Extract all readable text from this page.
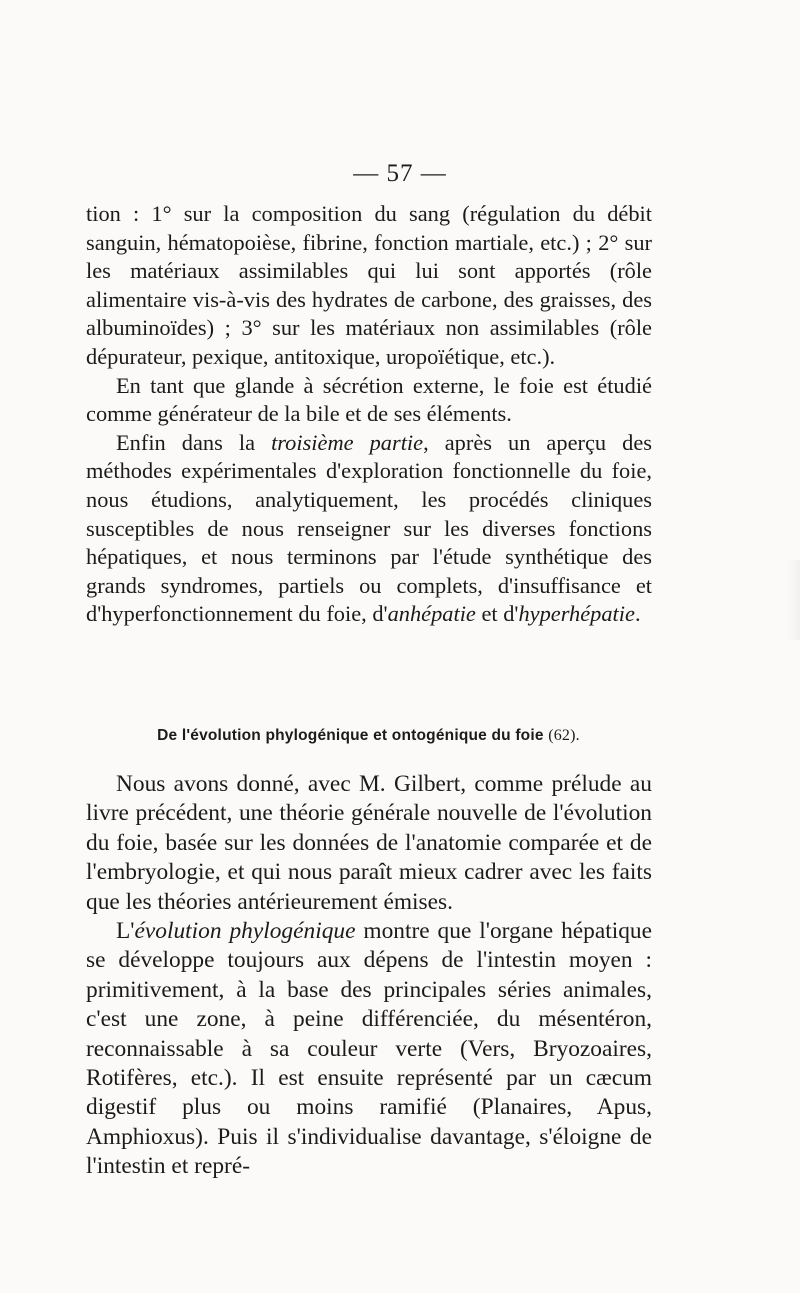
— 57 —

tion : 1° sur la composition du sang (régulation du débit sanguin, hématopoièse, fibrine, fonction martiale, etc.) ; 2° sur les matériaux assimilables qui lui sont apportés (rôle alimentaire vis-à-vis des hydrates de carbone, des graisses, des albuminoïdes) ; 3° sur les matériaux non assimilables (rôle dépurateur, pexique, antitoxique, uropoïétique, etc.).

En tant que glande à sécrétion externe, le foie est étudié comme générateur de la bile et de ses éléments.

Enfin dans la troisième partie, après un aperçu des méthodes expérimentales d'exploration fonctionnelle du foie, nous étudions, analytiquement, les procédés cliniques susceptibles de nous renseigner sur les diverses fonctions hépatiques, et nous terminons par l'étude synthétique des grands syndromes, partiels ou complets, d'insuffisance et d'hyperfonctionnement du foie, d'anhépatie et d'hyperhépatie.

De l'évolution phylogénique et ontogénique du foie (62).

Nous avons donné, avec M. Gilbert, comme prélude au livre précédent, une théorie générale nouvelle de l'évolution du foie, basée sur les données de l'anatomie comparée et de l'embryologie, et qui nous paraît mieux cadrer avec les faits que les théories antérieurement émises.

L'évolution phylogénique montre que l'organe hépatique se développe toujours aux dépens de l'intestin moyen : primitivement, à la base des principales séries animales, c'est une zone, à peine différenciée, du mésentéron, reconnaissable à sa couleur verte (Vers, Bryozoaires, Rotifères, etc.). Il est ensuite représenté par un cæcum digestif plus ou moins ramifié (Planaires, Apus, Amphioxus). Puis il s'individualise davantage, s'éloigne de l'intestin et repré-
